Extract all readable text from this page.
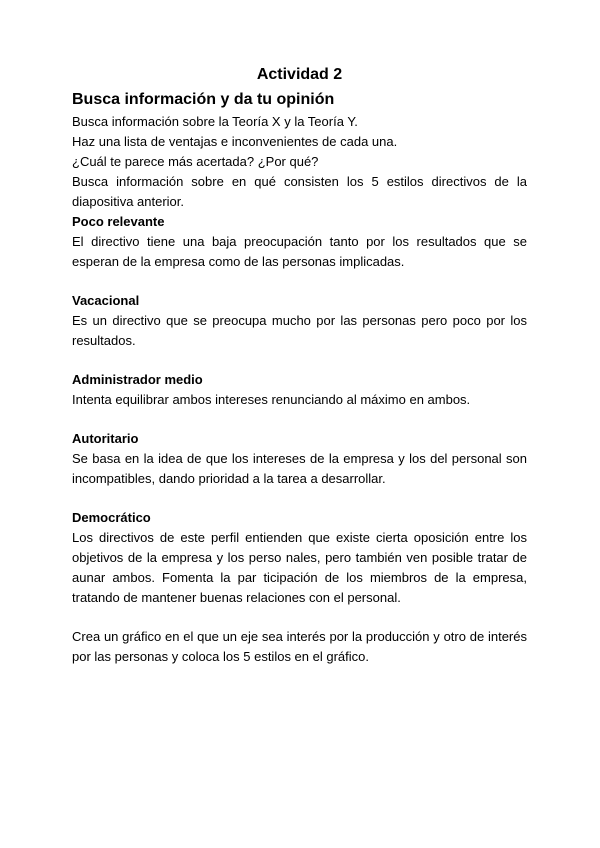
Actividad 2
Busca información y da tu opinión

Busca información sobre la Teoría X y la Teoría Y.

Haz una lista de ventajas e inconvenientes de cada una.

¿Cuál te parece más acertada? ¿Por qué?

Busca información sobre en qué consisten los 5 estilos directivos de la diapositiva anterior.

Poco relevante

El directivo tiene una baja preocupación tanto por los resultados que se esperan de la empresa como de las personas implicadas.

Vacacional

Es un directivo que se preocupa mucho por las personas pero poco por los resultados.

Administrador medio

Intenta equilibrar ambos intereses renunciando al máximo en ambos.

Autoritario

Se basa en la idea de que los intereses de la empresa y los del personal son incompatibles, dando prioridad a la tarea a desarrollar.

Democrático

Los directivos de este perfil entienden que existe cierta oposición entre los objetivos de la empresa y los perso nales, pero también ven posible tratar de aunar ambos. Fomenta la par ticipación de los miembros de la empresa, tratando de mantener buenas relaciones con el personal.

Crea un gráfico en el que un eje sea interés por la producción y otro de interés por las personas y coloca los 5 estilos en el gráfico.
